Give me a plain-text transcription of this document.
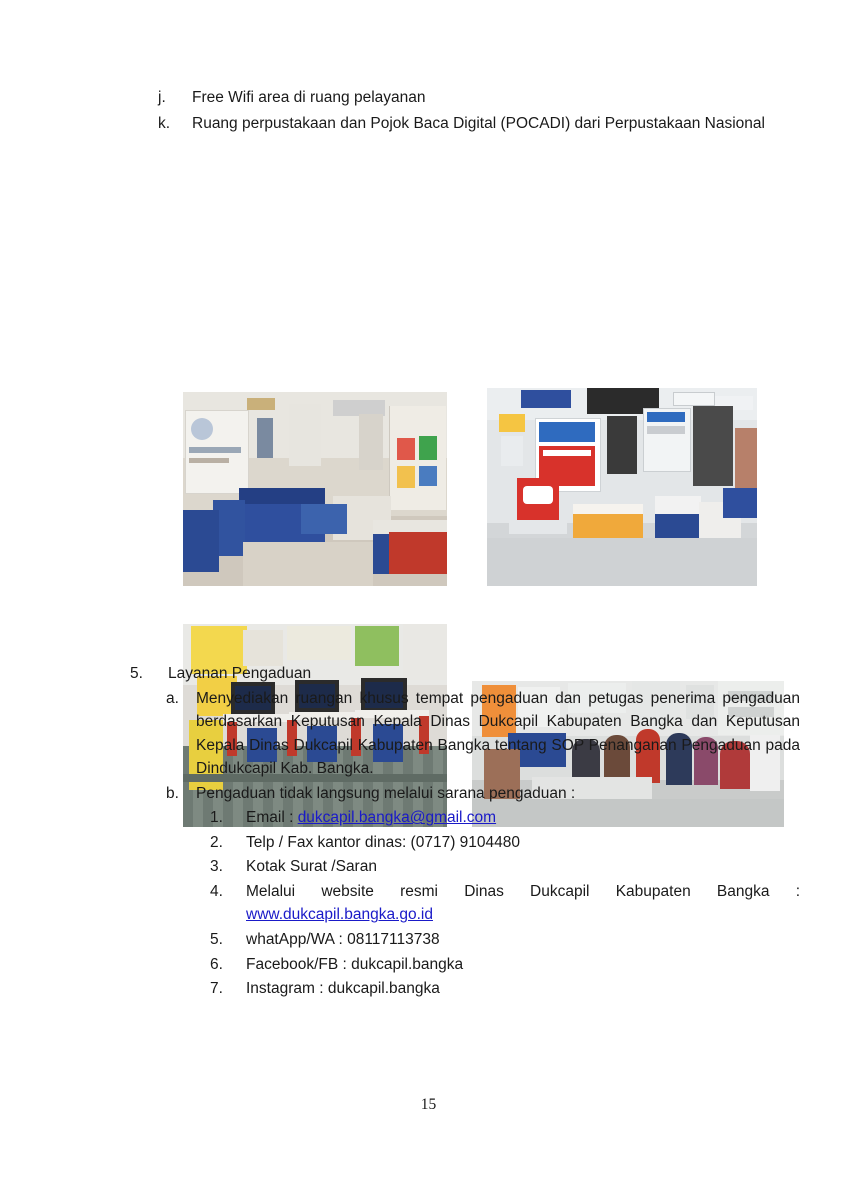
j.	Free Wifi area di ruang pelayanan
k.	Ruang perpustakaan dan Pojok Baca Digital (POCADI) dari Perpustakaan Nasional
5.	Layanan Pengaduan
a.	Menyediakan ruangan khusus tempat pengaduan dan petugas penerima pengaduan berdasarkan Keputusan Kepala Dinas Dukcapil Kabupaten Bangka dan Keputusan Kepala Dinas Dukcapil Kabupaten Bangka tentang SOP Penanganan Pengaduan pada Dindukcapil Kab. Bangka.
b.	Pengaduan tidak langsung melalui sarana pengaduan :
1.	Email : dukcapil.bangka@gmail.com
2.	Telp / Fax kantor dinas: (0717) 9104480
3.	Kotak Surat /Saran
4.	Melalui website resmi Dinas Dukcapil Kabupaten Bangka : www.dukcapil.bangka.go.id
5.	whatApp/WA : 08117113738
6.	Facebook/FB : dukcapil.bangka
7.	Instagram : dukcapil.bangka
15
